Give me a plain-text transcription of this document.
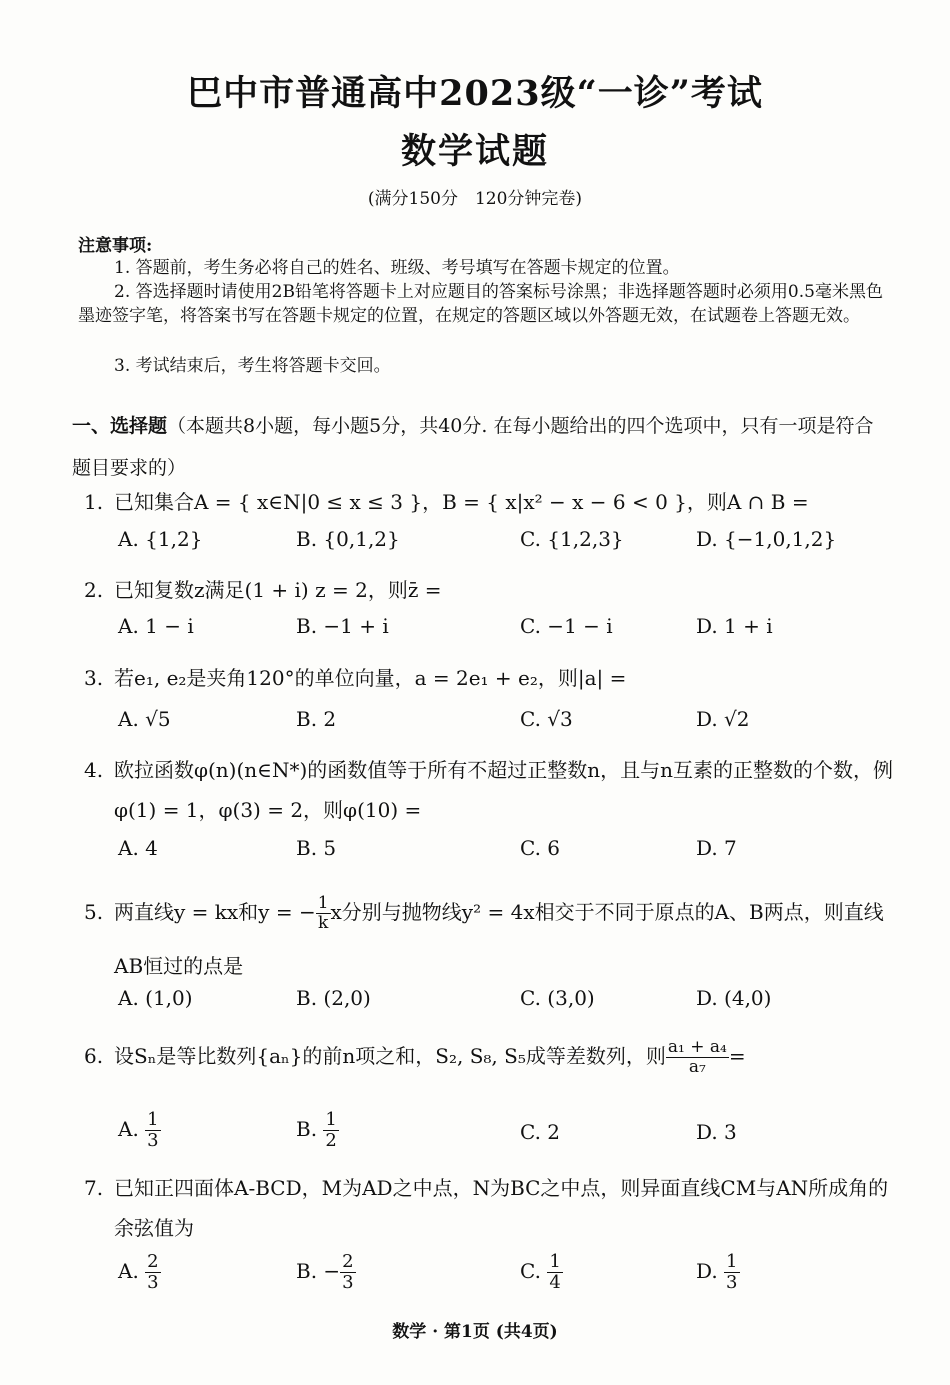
巴中市普通高中2023级“一诊”考试
数学试题
(满分150分　120分钟完卷)
注意事项:
1. 答题前，考生务必将自己的姓名、班级、考号填写在答题卡规定的位置。
2. 答选择题时请使用2B铅笔将答题卡上对应题目的答案标号涂黑；非选择题答题时必须用0.5毫米黑色墨迹签字笔，将答案书写在答题卡规定的位置，在规定的答题区域以外答题无效，在试题卷上答题无效。
3. 考试结束后，考生将答题卡交回。
一、选择题（本题共8小题，每小题5分，共40分. 在每小题给出的四个选项中，只有一项是符合题目要求的）
1. 已知集合A = { x∈N|0 ≤ x ≤ 3 }，B = { x|x² − x − 6 < 0 }，则A ∩ B =
A. {1,2}	B. {0,1,2}	C. {1,2,3}	D. {−1,0,1,2}
2. 已知复数z满足(1 + i) z = 2，则z̄ =
A. 1 − i	B. −1 + i	C. −1 − i	D. 1 + i
3. 若e₁, e₂是夹角120°的单位向量，a = 2e₁ + e₂，则|a| =
A. √5	B. 2	C. √3	D. √2
4. 欧拉函数φ(n)(n∈N*)的函数值等于所有不超过正整数n，且与n互素的正整数的个数，例φ(1) = 1，φ(3) = 2，则φ(10) =
A. 4	B. 5	C. 6	D. 7
5. 两直线y = kx和y = − $\frac{1}{k}$ x分别与抛物线y² = 4x相交于不同于原点的A、B两点，则直线AB恒过的点是
A. (1,0)	B. (2,0)	C. (3,0)	D. (4,0)
6. 设Sₙ是等比数列{aₙ}的前n项之和，S₂, S₈, S₅成等差数列，则 $\frac{\text{a₁ + a₄}}{\text{a₇}}$ =
A. $\frac{1}{3}$	B. $\frac{1}{2}$	C. 2	D. 3
7. 已知正四面体A-BCD，M为AD之中点，N为BC之中点，则异面直线CM与AN所成角的余弦值为
A. $\frac{2}{3}$	B. − $\frac{2}{3}$	C. $\frac{1}{4}$	D. $\frac{1}{3}$
数学 · 第1页 (共4页)
